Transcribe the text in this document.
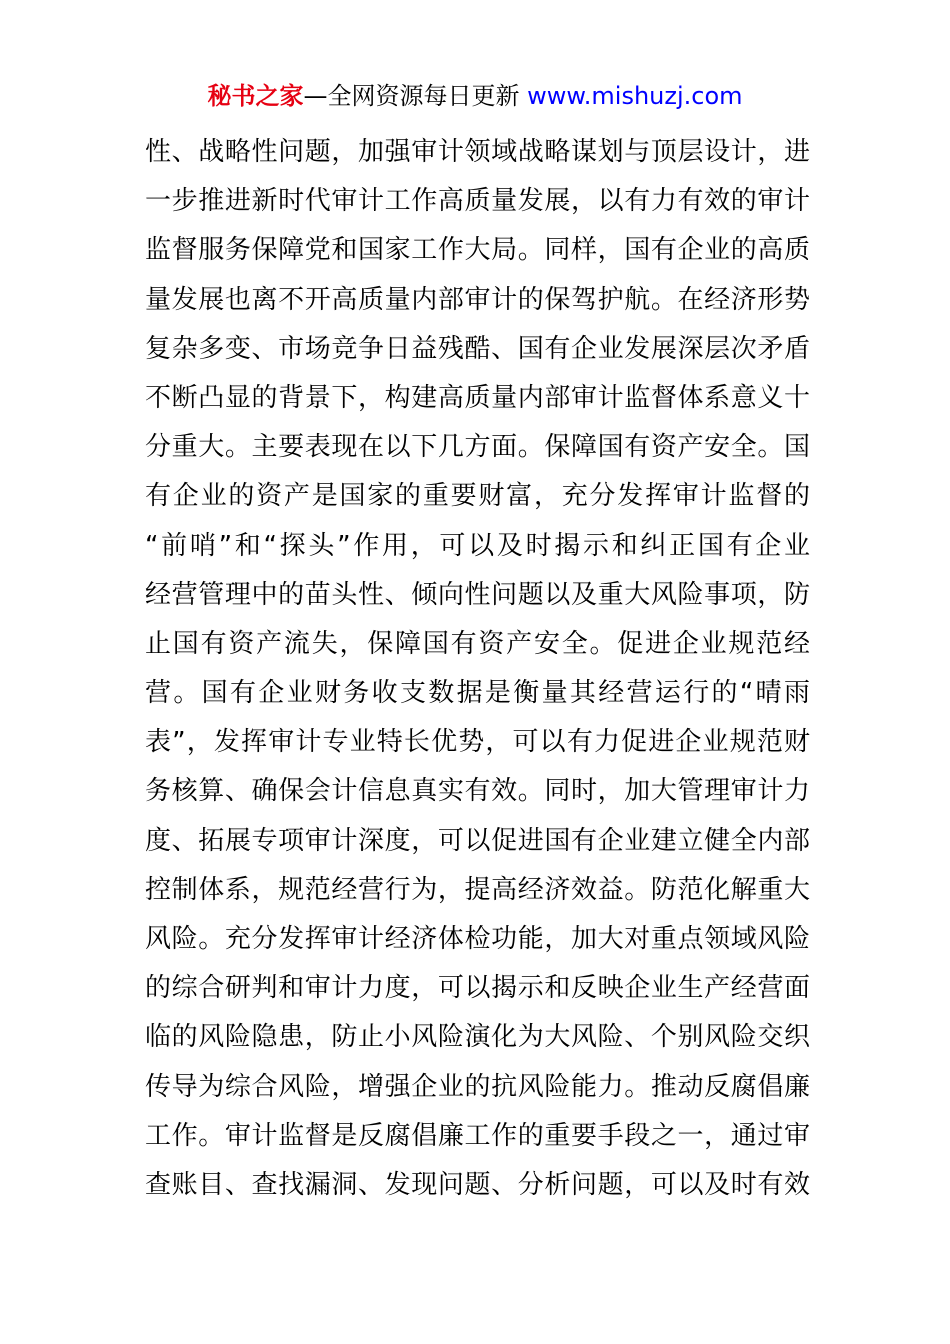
秘书之家—全网资源每日更新 www.mishuzj.com
性、战略性问题，加强审计领域战略谋划与顶层设计，进
一步推进新时代审计工作高质量发展，以有力有效的审计
监督服务保障党和国家工作大局。同样，国有企业的高质
量发展也离不开高质量内部审计的保驾护航。在经济形势
复杂多变、市场竞争日益残酷、国有企业发展深层次矛盾
不断凸显的背景下，构建高质量内部审计监督体系意义十
分重大。主要表现在以下几方面。保障国有资产安全。国
有企业的资产是国家的重要财富，充分发挥审计监督的
“前哨”和“探头”作用，可以及时揭示和纠正国有企业
经营管理中的苗头性、倾向性问题以及重大风险事项，防
止国有资产流失，保障国有资产安全。促进企业规范经
营。国有企业财务收支数据是衡量其经营运行的“晴雨
表”，发挥审计专业特长优势，可以有力促进企业规范财
务核算、确保会计信息真实有效。同时，加大管理审计力
度、拓展专项审计深度，可以促进国有企业建立健全内部
控制体系，规范经营行为，提高经济效益。防范化解重大
风险。充分发挥审计经济体检功能，加大对重点领域风险
的综合研判和审计力度，可以揭示和反映企业生产经营面
临的风险隐患，防止小风险演化为大风险、个别风险交织
传导为综合风险，增强企业的抗风险能力。推动反腐倡廉
工作。审计监督是反腐倡廉工作的重要手段之一，通过审
查账目、查找漏洞、发现问题、分析问题，可以及时有效
